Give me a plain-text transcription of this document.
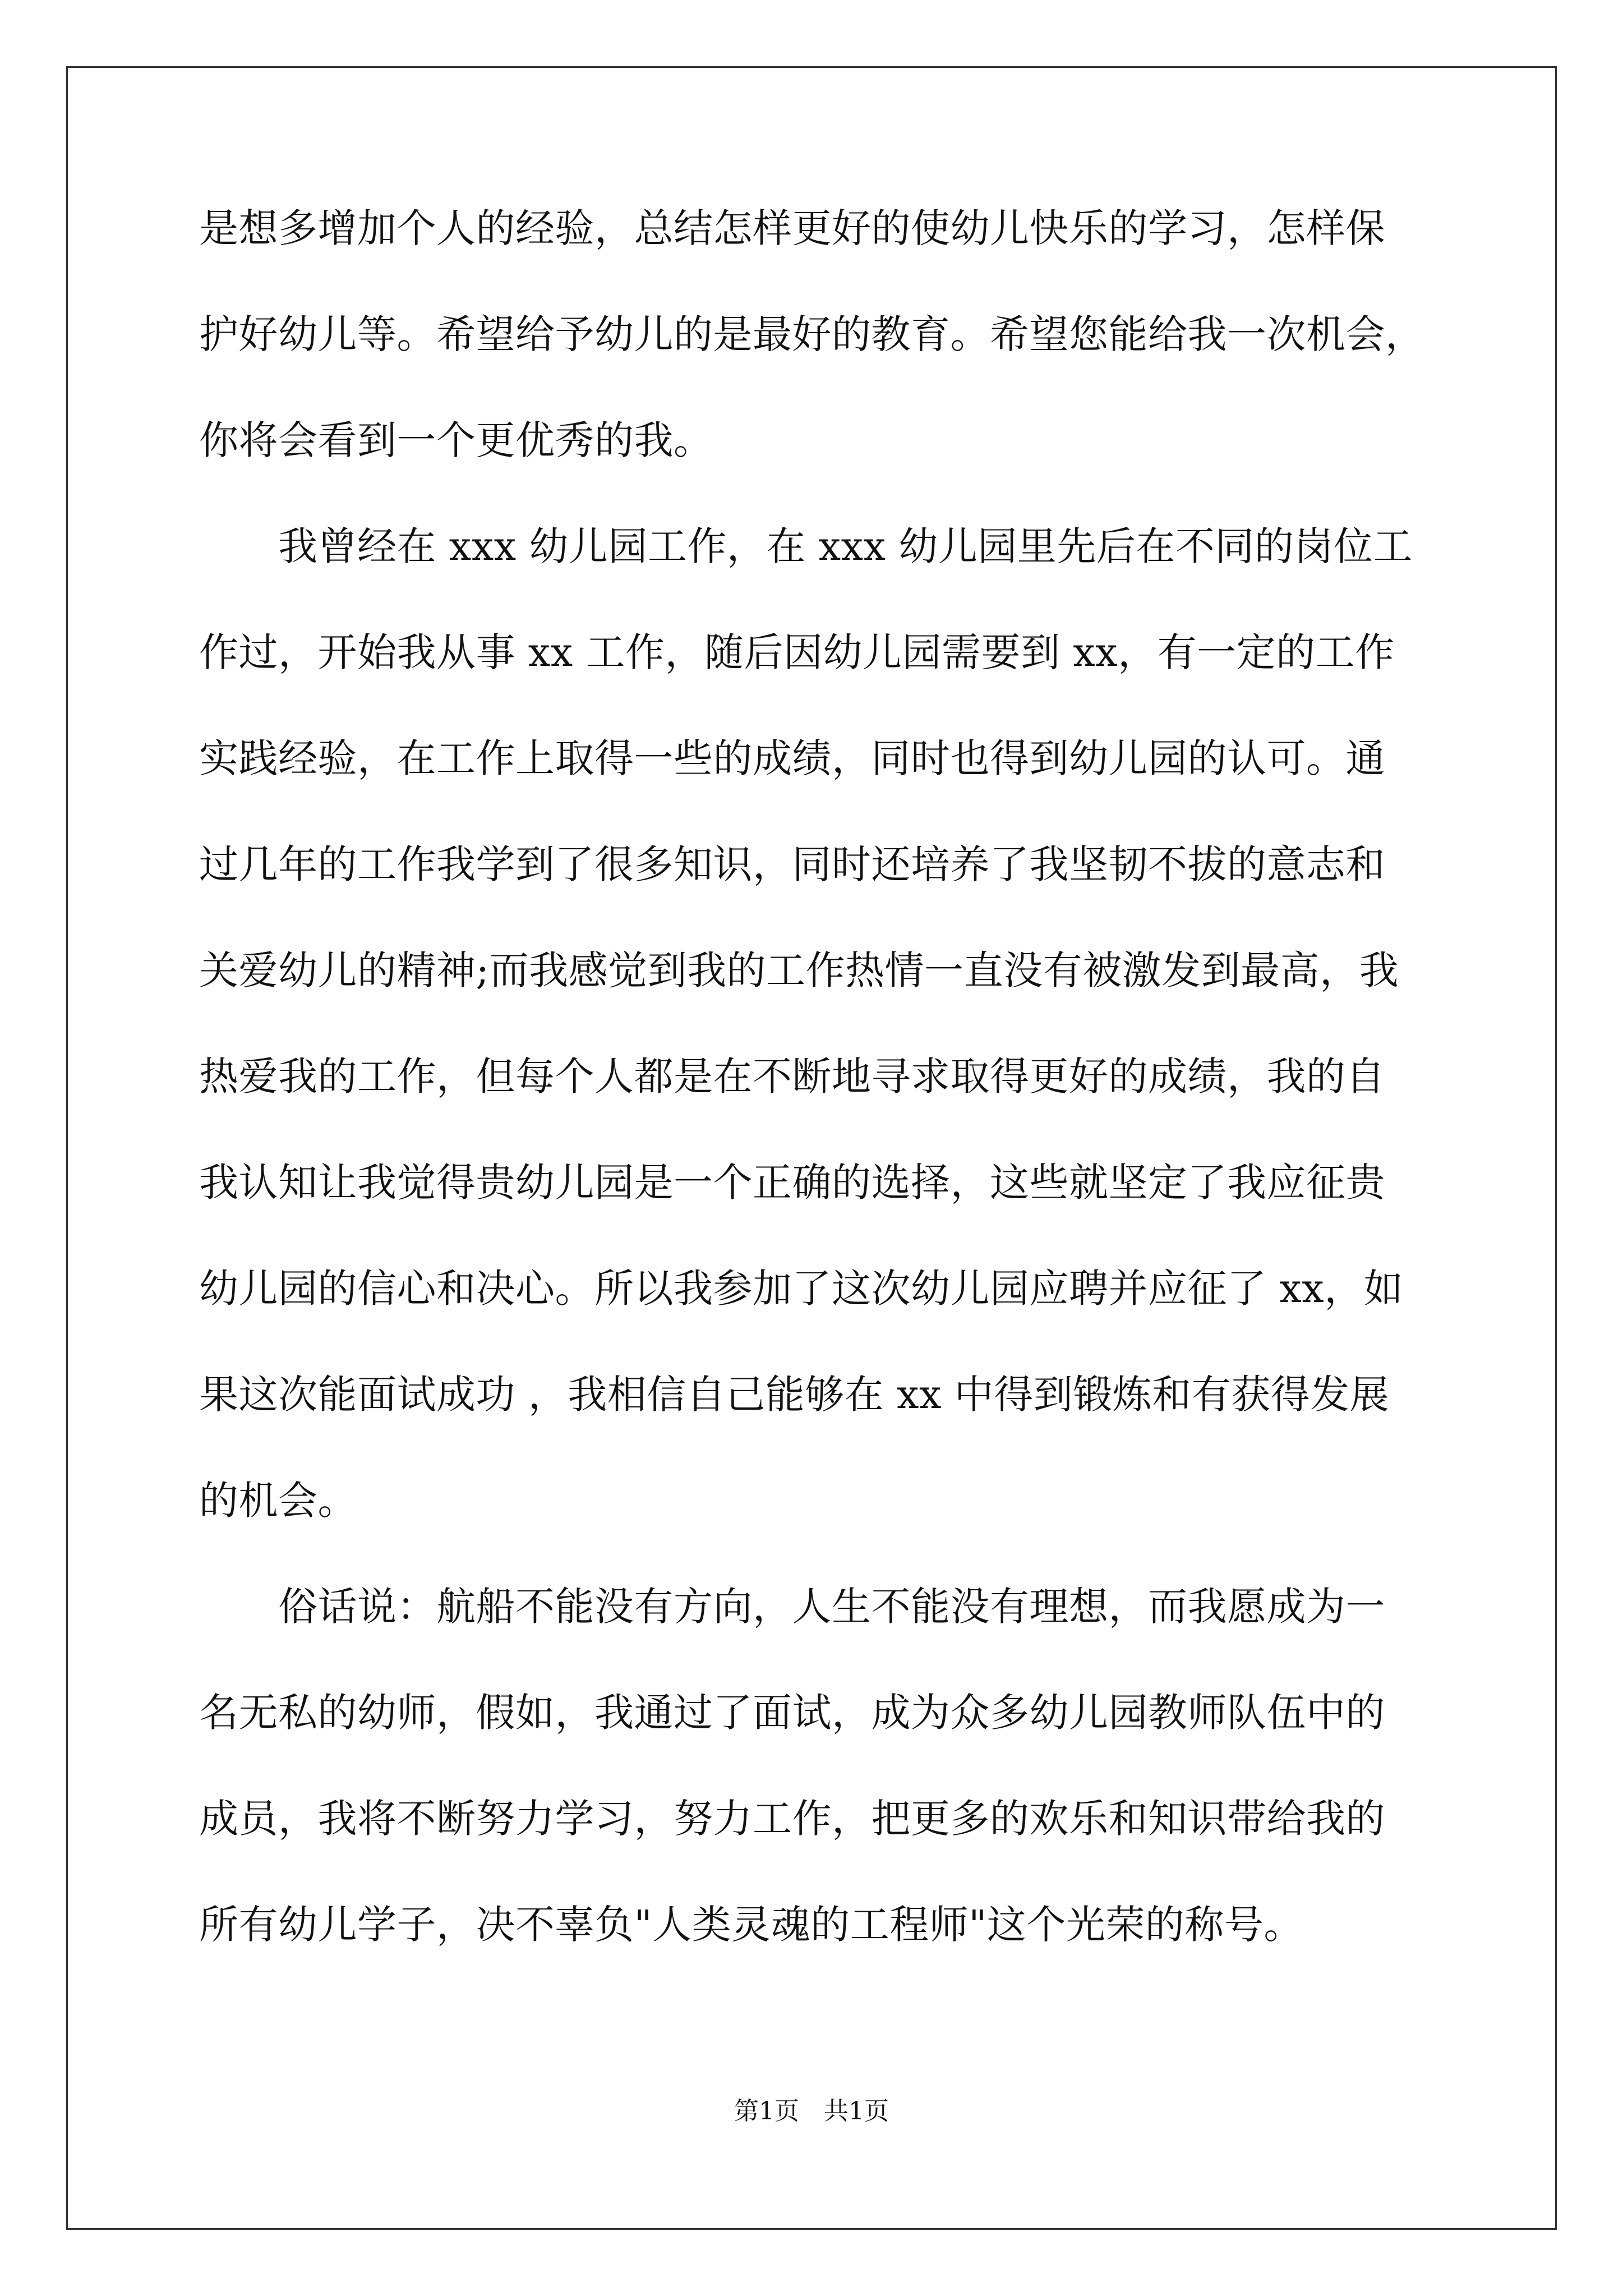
是想多增加个人的经验，总结怎样更好的使幼儿快乐的学习，怎样保
护好幼儿等。希望给予幼儿的是最好的教育。希望您能给我一次机会，
你将会看到一个更优秀的我。
　　我曾经在 xxx 幼儿园工作，在 xxx 幼儿园里先后在不同的岗位工
作过，开始我从事 xx 工作，随后因幼儿园需要到 xx，有一定的工作
实践经验，在工作上取得一些的成绩，同时也得到幼儿园的认可。通
过几年的工作我学到了很多知识，同时还培养了我坚韧不拔的意志和
关爱幼儿的精神;而我感觉到我的工作热情一直没有被激发到最高，我
热爱我的工作，但每个人都是在不断地寻求取得更好的成绩，我的自
我认知让我觉得贵幼儿园是一个正确的选择，这些就坚定了我应征贵
幼儿园的信心和决心。所以我参加了这次幼儿园应聘并应征了 xx，如
果这次能面试成功 ，我相信自己能够在 xx 中得到锻炼和有获得发展
的机会。
　　俗话说：航船不能没有方向，人生不能没有理想，而我愿成为一
名无私的幼师，假如，我通过了面试，成为众多幼儿园教师队伍中的
成员，我将不断努力学习，努力工作，把更多的欢乐和知识带给我的
所有幼儿学子，决不辜负"人类灵魂的工程师"这个光荣的称号。
第1页　共1页
